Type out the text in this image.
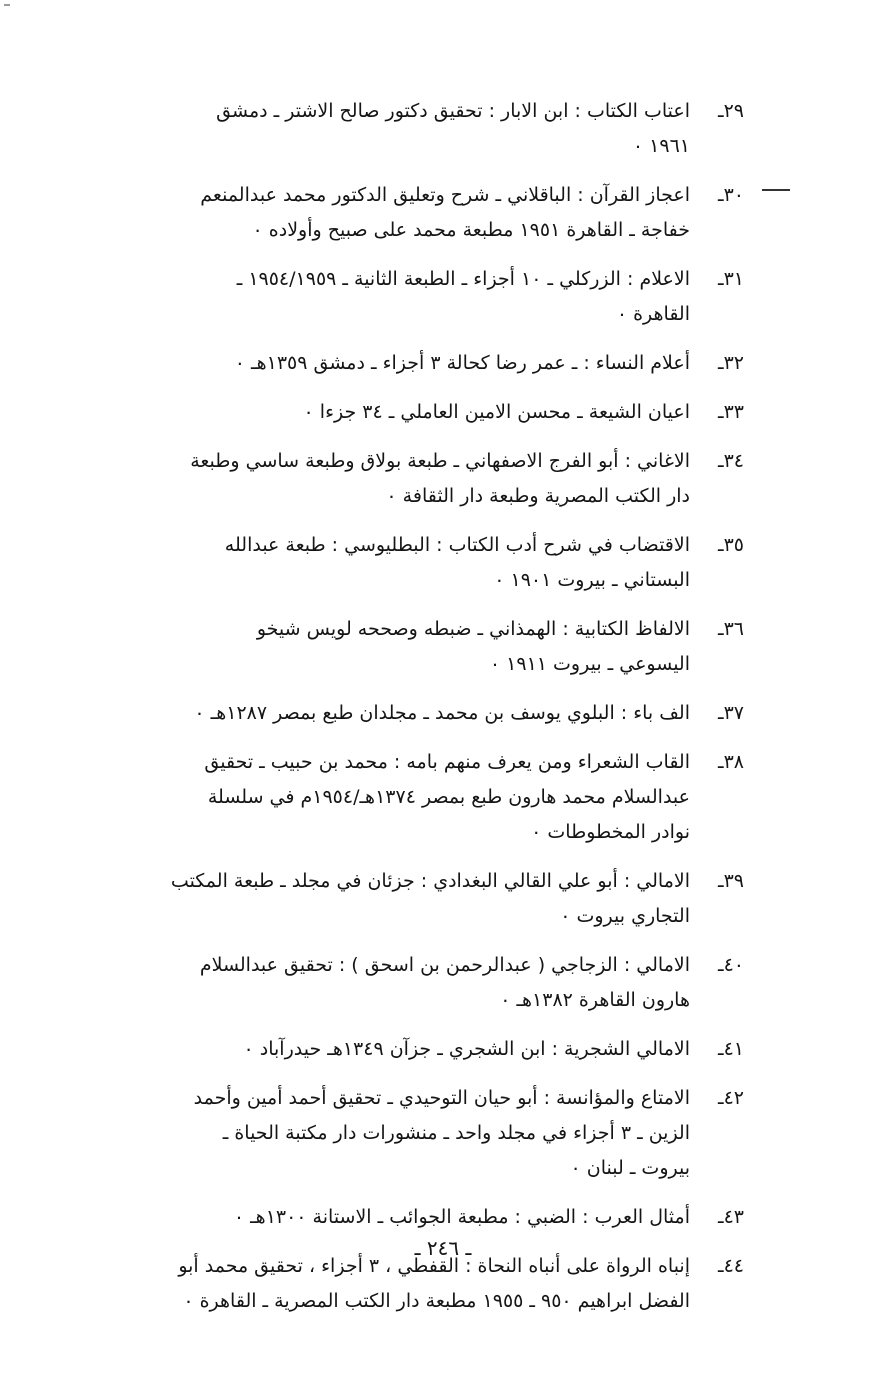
٢٩ـ
اعتاب الكتاب : ابن الابار : تحقيق دكتور صالح الاشتر ـ دمشق
١٩٦١ ٠
٣٠ـ
اعجاز القرآن : الباقلاني ـ شرح وتعليق الدكتور محمد عبدالمنعم
خفاجة ـ القاهرة ١٩٥١ مطبعة محمد على صبيح وأولاده ٠
٣١ـ
الاعلام : الزركلي ـ ١٠ أجزاء ـ الطبعة الثانية ـ ١٩٥٤/١٩٥٩ ـ
القاهرة ٠
٣٢ـ
أعلام النساء : ـ عمر رضا كحالة ٣ أجزاء ـ دمشق ١٣٥٩هـ ٠
٣٣ـ
اعيان الشيعة ـ محسن الامين العاملي ـ ٣٤ جزءا ٠
٣٤ـ
الاغاني : أبو الفرج الاصفهاني ـ طبعة بولاق وطبعة ساسي وطبعة
دار الكتب المصرية وطبعة دار الثقافة ٠
٣٥ـ
الاقتضاب في شرح أدب الكتاب : البطليوسي : طبعة عبدالله
البستاني ـ بيروت ١٩٠١ ٠
٣٦ـ
الالفاظ الكتابية : الهمذاني ـ ضبطه وصححه لويس شيخو
اليسوعي ـ بيروت ١٩١١ ٠
٣٧ـ
الف باء : البلوي يوسف بن محمد ـ مجلدان طبع بمصر ١٢٨٧هـ ٠
٣٨ـ
القاب الشعراء ومن يعرف منهم بامه : محمد بن حبيب ـ تحقيق
عبدالسلام محمد هارون طبع بمصر ١٣٧٤هـ/١٩٥٤م في سلسلة
نوادر المخطوطات ٠
٣٩ـ
الامالي : أبو علي القالي البغدادي : جزئان في مجلد ـ طبعة المكتب
التجاري بيروت ٠
٤٠ـ
الامالي : الزجاجي ( عبدالرحمن بن اسحق ) : تحقيق عبدالسلام
هارون القاهرة ١٣٨٢هـ ٠
٤١ـ
الامالي الشجرية : ابن الشجري ـ جزآن ١٣٤٩هـ حيدرآباد ٠
٤٢ـ
الامتاع والمؤانسة : أبو حيان التوحيدي ـ تحقيق أحمد أمين وأحمد
الزين ـ ٣ أجزاء في مجلد واحد ـ منشورات دار مكتبة الحياة ـ
بيروت ـ لبنان ٠
٤٣ـ
أمثال العرب : الضبي : مطبعة الجوائب ـ الاستانة ١٣٠٠هـ ٠
٤٤ـ
إنباه الرواة على أنباه النحاة : القفطي ، ٣ أجزاء ، تحقيق محمد أبو
الفضل ابراهيم ٩٥٠ ـ ١٩٥٥ مطبعة دار الكتب المصرية ـ القاهرة ٠
ـ ٢٤٦ ـ
